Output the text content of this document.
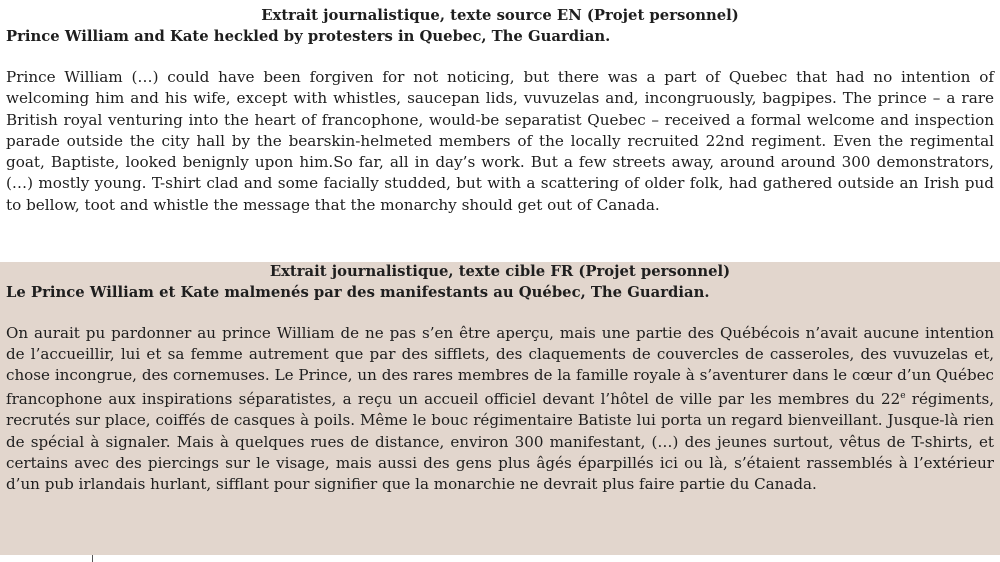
Extrait journalistique, texte source EN (Projet personnel)
Prince William and Kate heckled by protesters in Quebec, The Guardian.
Prince William (…) could have been forgiven for not noticing, but there was a part of Quebec that had no intention of welcoming him and his wife, except with whistles, saucepan lids, vuvuzelas and, incongruously, bagpipes. The prince – a rare British royal venturing into the heart of francophone, would-be separatist Quebec – received a formal welcome and inspection parade outside the city hall by the bearskin-helmeted members of the locally recruited 22nd regiment. Even the regimental goat, Baptiste, looked benignly upon him.So far, all in day’s work. But a few streets away, around around 300 demonstrators, (…) mostly young. T-shirt clad and some facially studded, but with a scattering of older folk, had gathered outside an Irish pud to bellow, toot and whistle the message that the monarchy should get out of Canada.
Extrait journalistique, texte cible FR (Projet personnel)
Le Prince William et Kate malmenés par des manifestants au Québec, The Guardian.
On aurait pu pardonner au prince William de ne pas s’en être aperçu, mais une partie des Québécois n’avait aucune intention de l’accueillir, lui et sa femme autrement que par des sifflets, des claquements de couvercles de casseroles, des vuvuzelas et, chose incongrue, des cornemuses. Le Prince, un des rares membres de la famille royale à s’aventurer dans le cœur d’un Québec francophone aux inspirations séparatistes, a reçu un accueil officiel devant l’hôtel de ville par les membres du 22e régiments, recrutés sur place, coiffés de casques à poils. Même le bouc régimentaire Batiste lui porta un regard bienveillant. Jusque-là rien de spécial à signaler. Mais à quelques rues de distance, environ 300 manifestant, (…) des jeunes surtout, vêtus de T-shirts, et certains avec des piercings sur le visage, mais aussi des gens plus âgés éparpillés ici ou là, s’étaient rassemblés à l’extérieur d’un pub irlandais hurlant, sifflant pour signifier que la monarchie ne devrait plus faire partie du Canada.
